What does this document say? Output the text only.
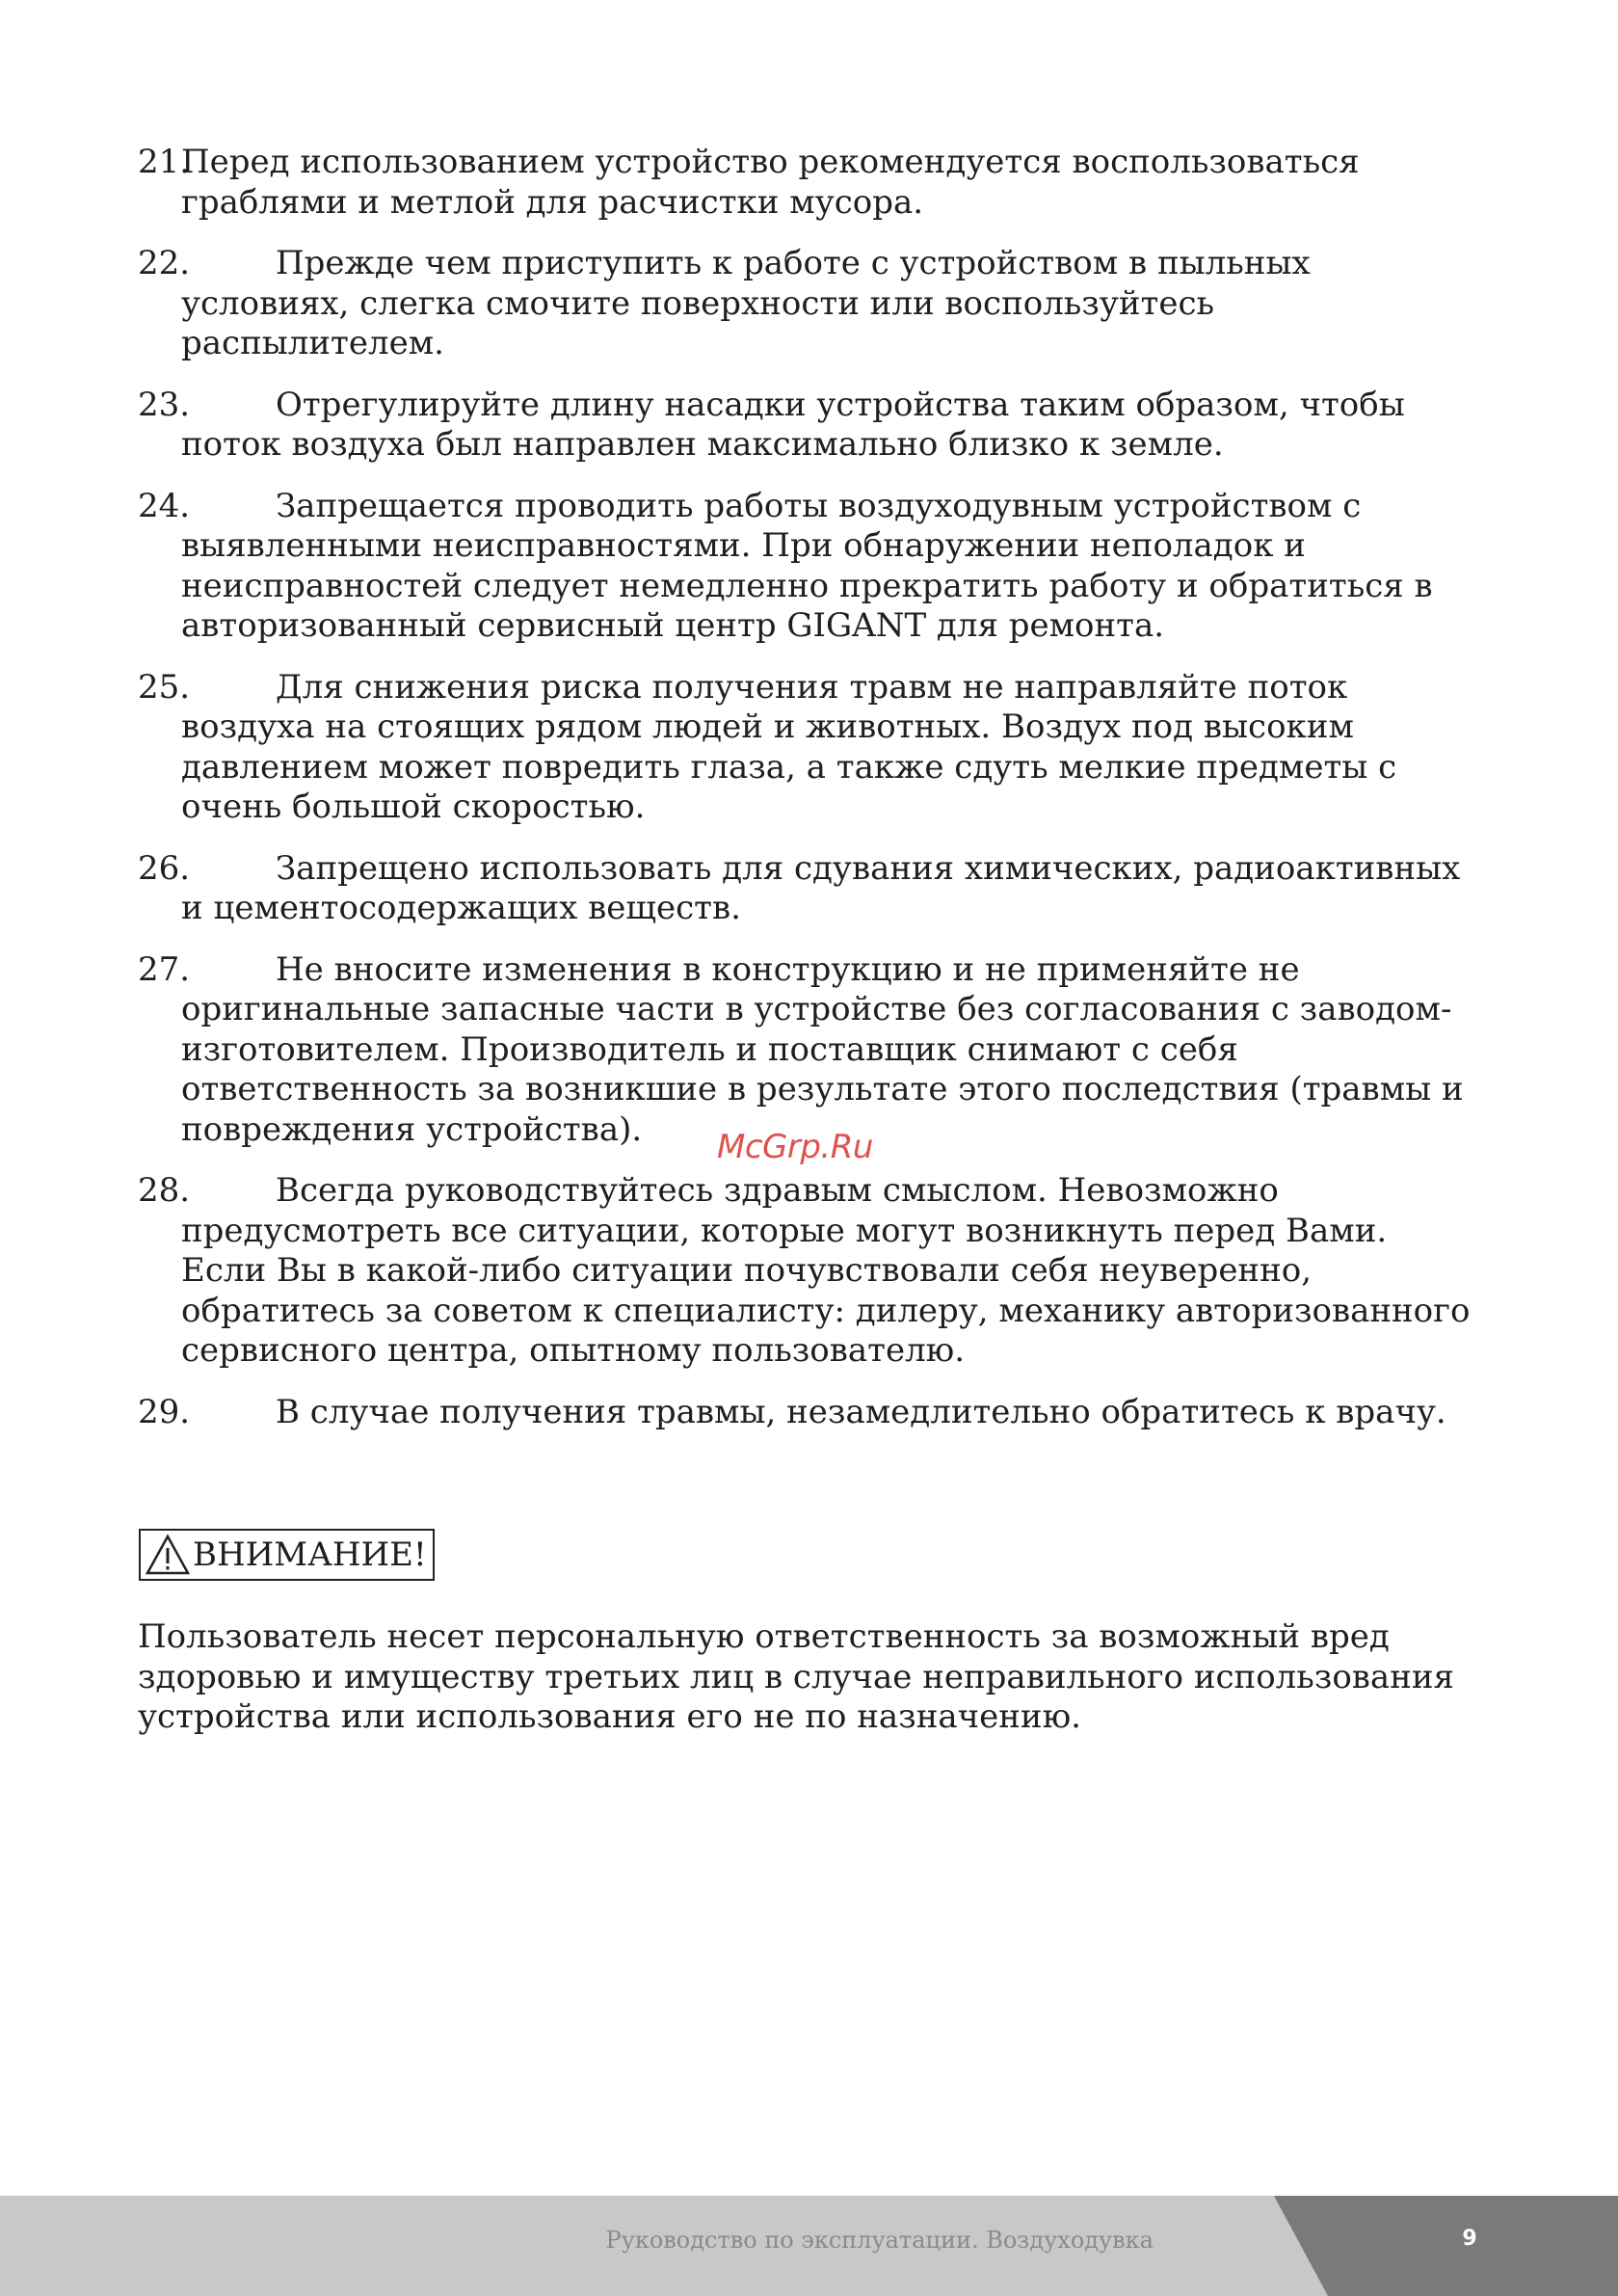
21.
Перед использованием устройство рекомендуется воспользоваться граблями и метлой для расчистки мусора.
22.	Прежде чем приступить к работе с устройством в пыльных условиях, слегка смочите поверхности или воспользуйтесь распылителем.
23.	Отрегулируйте длину насадки устройства таким образом, чтобы поток воздуха был направлен максимально близко к земле.
24.	Запрещается проводить работы воздуходувным устройством с выявленными неисправностями. При обнаружении неполадок и неисправностей следует немедленно прекратить работу и обратиться в авторизованный сервисный центр GIGANT для ремонта.
25.	Для снижения риска получения травм не направляйте поток воздуха на стоящих рядом людей и животных. Воздух под высоким давлением может повредить глаза, а также сдуть мелкие предметы с очень большой скоростью.
26.	Запрещено использовать для сдувания химических, радиоактивных и цементосодержащих веществ.
27.	Не вносите изменения в конструкцию и не применяйте не оригинальные запасные части в устройстве без согласования с заводом-изготовителем. Производитель и поставщик снимают с себя ответственность за возникшие в результате этого последствия (травмы и повреждения устройства).
28.	Всегда руководствуйтесь здравым смыслом. Невозможно предусмотреть все ситуации, которые могут возникнуть перед Вами. Если Вы в какой-либо ситуации почувствовали себя неуверенно, обратитесь за советом к специалисту: дилеру, механику авторизованного сервисного центра, опытному пользователю.
29.	В случае получения травмы, незамедлительно обратитесь к врачу.
McGrp.Ru
ВНИМАНИЕ!
Пользователь несет персональную ответственность за возможный вред здоровью и имуществу третьих лиц в случае неправильного использования устройства или использования его не по назначению.
Руководство по эксплуатации. Воздуходувка	9
